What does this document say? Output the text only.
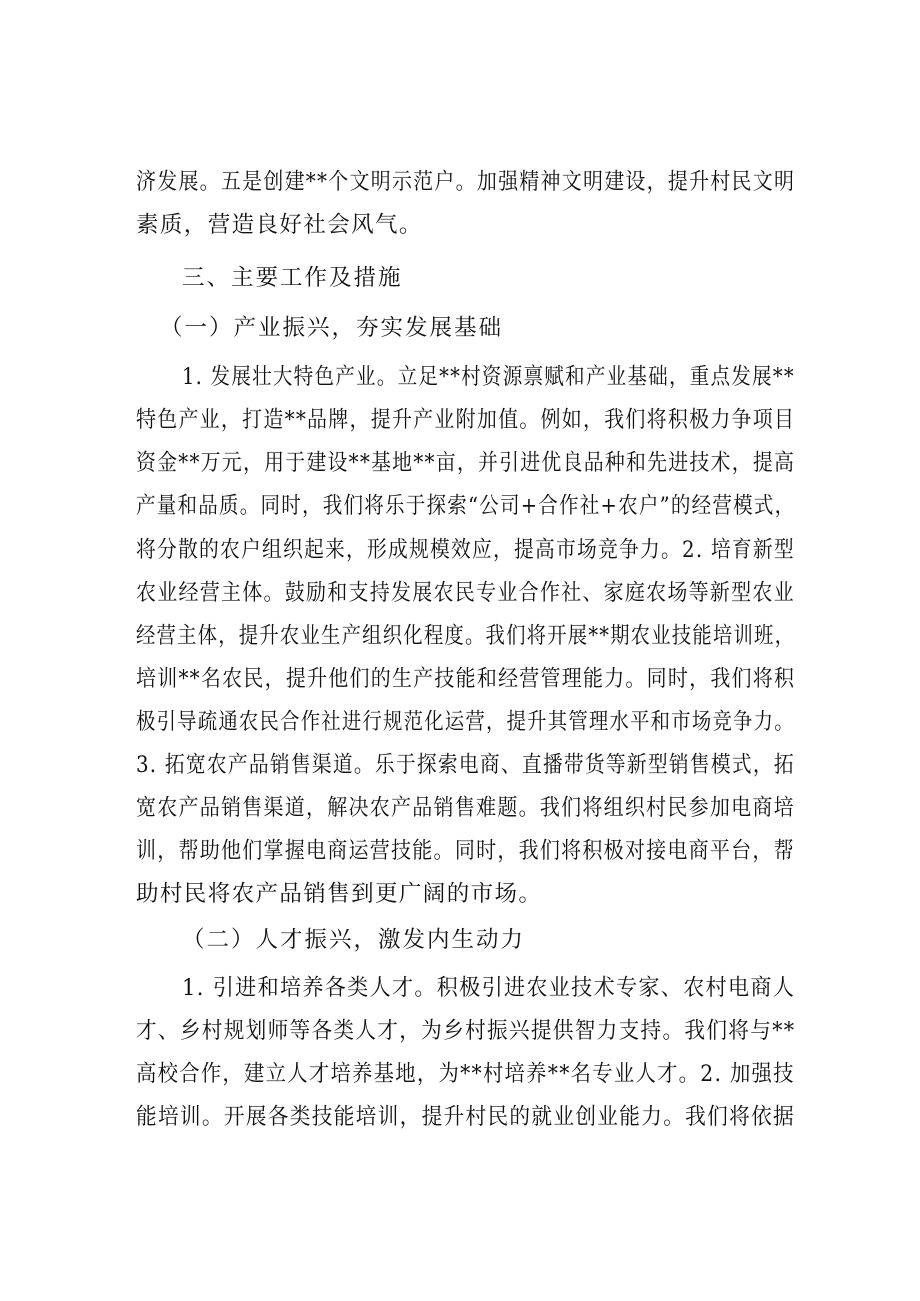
济发展。五是创建**个文明示范户。加强精神文明建设，提升村民文明
素质，营造良好社会风气。
三、主要工作及措施
（一）产业振兴，夯实发展基础
1. 发展壮大特色产业。立足**村资源禀赋和产业基础，重点发展**
特色产业，打造**品牌，提升产业附加值。例如，我们将积极力争项目
资金**万元，用于建设**基地**亩，并引进优良品种和先进技术，提高
产量和品质。同时，我们将乐于探索“公司+合作社+农户”的经营模式，
将分散的农户组织起来，形成规模效应，提高市场竞争力。2. 培育新型
农业经营主体。鼓励和支持发展农民专业合作社、家庭农场等新型农业
经营主体，提升农业生产组织化程度。我们将开展**期农业技能培训班，
培训**名农民，提升他们的生产技能和经营管理能力。同时，我们将积
极引导疏通农民合作社进行规范化运营，提升其管理水平和市场竞争力。
3. 拓宽农产品销售渠道。乐于探索电商、直播带货等新型销售模式，拓
宽农产品销售渠道，解决农产品销售难题。我们将组织村民参加电商培
训，帮助他们掌握电商运营技能。同时，我们将积极对接电商平台，帮
助村民将农产品销售到更广阔的市场。
（二）人才振兴，激发内生动力
1. 引进和培养各类人才。积极引进农业技术专家、农村电商人
才、乡村规划师等各类人才，为乡村振兴提供智力支持。我们将与**
高校合作，建立人才培养基地，为**村培养**名专业人才。2. 加强技
能培训。开展各类技能培训，提升村民的就业创业能力。我们将依据
